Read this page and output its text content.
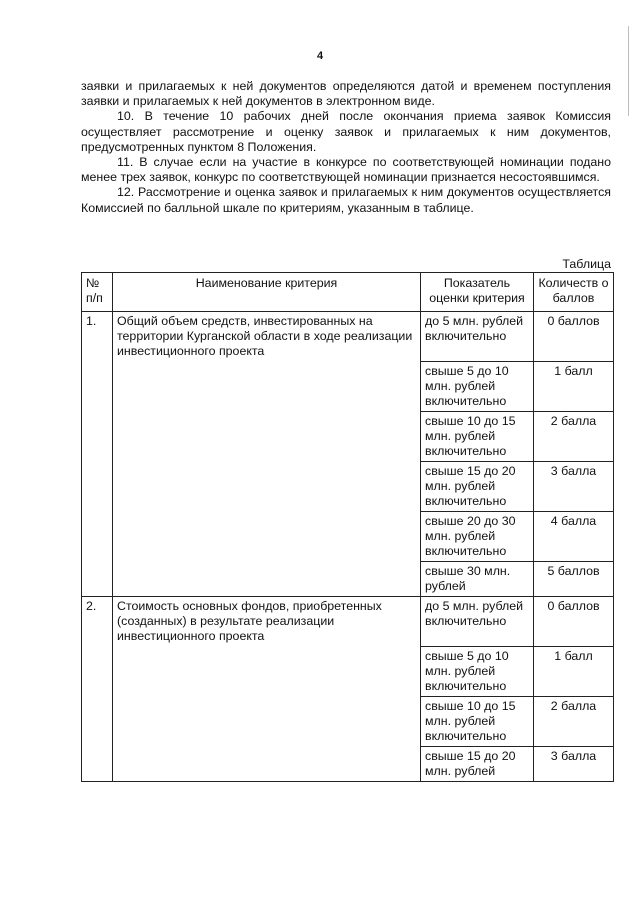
4

заявки и прилагаемых к ней документов определяются датой и временем поступления заявки и прилагаемых к ней документов в электронном виде.

10. В течение 10 рабочих дней после окончания приема заявок Комиссия осуществляет рассмотрение и оценку заявок и прилагаемых к ним документов, предусмотренных пунктом 8 Положения.

11. В случае если на участие в конкурсе по соответствующей номинации подано менее трех заявок, конкурс по соответствующей номинации признается несостоявшимся.

12. Рассмотрение и оценка заявок и прилагаемых к ним документов осуществляется Комиссией по балльной шкале по критериям, указанным в таблице.

Таблица
№ п/п	Наименование критерия	Показатель оценки критерия	Количеств о баллов

1.	Общий объем средств, инвестированных на территории Курганской области в ходе реализации инвестиционного проекта	до 5 млн. рублей включительно	0 баллов

		свыше 5 до 10 млн. рублей включительно	1 балл

		свыше 10 до 15 млн. рублей включительно	2 балла

		свыше 15 до 20 млн. рублей включительно	3 балла

		свыше 20 до 30 млн. рублей включительно	4 балла

		свыше 30 млн. рублей	5 баллов

2.	Стоимость основных фондов, приобретенных (созданных) в результате реализации инвестиционного проекта	до 5 млн. рублей включительно	0 баллов

		свыше 5 до 10 млн. рублей включительно	1 балл

		свыше 10 до 15 млн. рублей включительно	2 балла

		свыше 15 до 20 млн. рублей	3 балла
